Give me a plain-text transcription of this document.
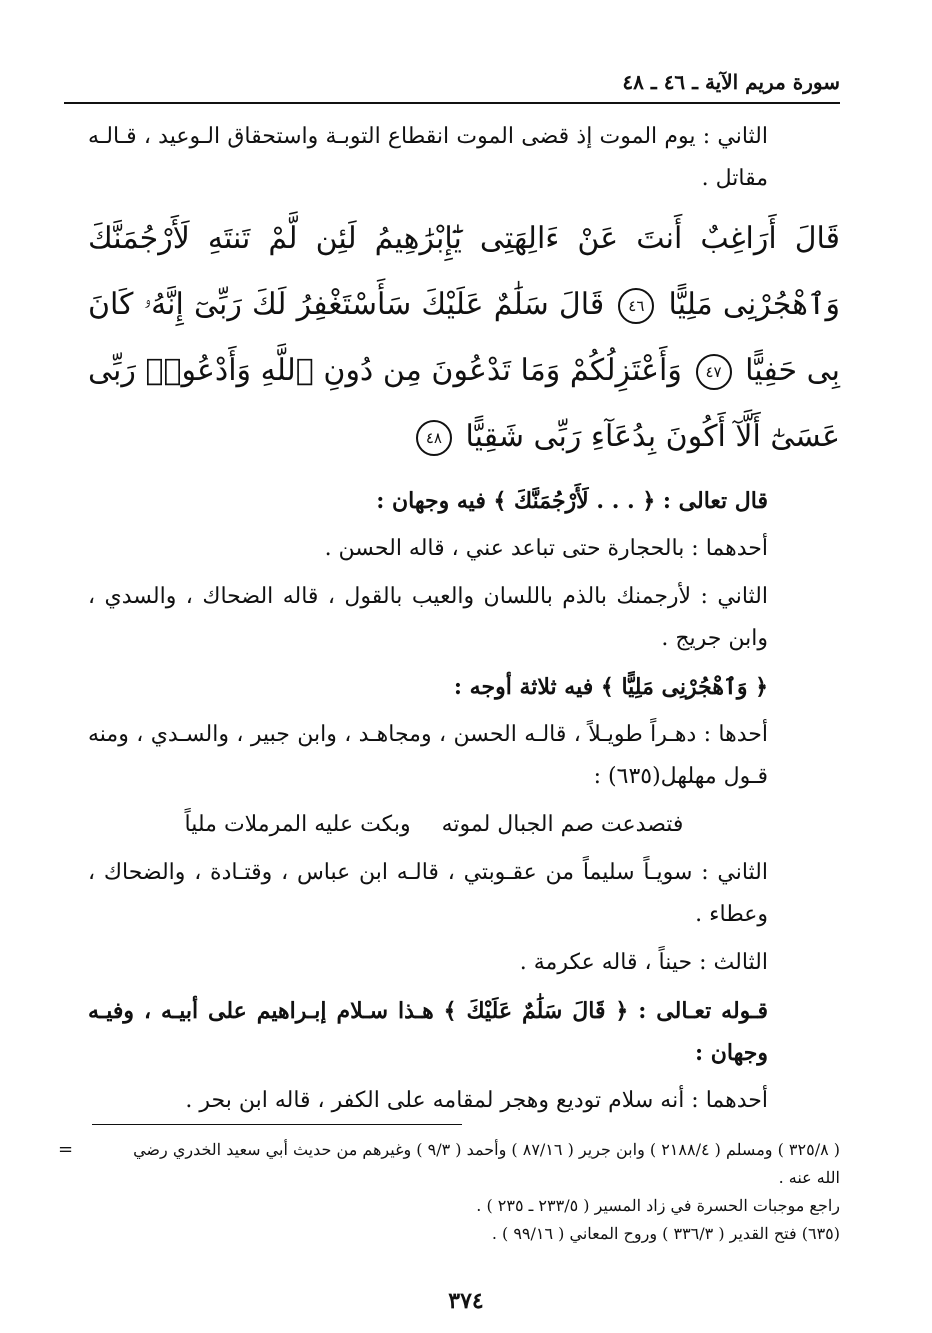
سورة مريم الآية ـ ٤٦ ـ ٤٨

الثاني : يوم الموت إذ قضى الموت انقطاع التوبـة واستحقاق الـوعيد ، قـالـه مقاتل .

قَالَ أَرَاغِبٌ أَنتَ عَنْ ءَالِهَتِى يَٰٓإِبْرَٰهِيمُ لَئِن لَّمْ تَنتَهِ لَأَرْجُمَنَّكَ وَٱهْجُرْنِى مَلِيًّا ٤٦ قَالَ سَلَٰمٌ عَلَيْكَ سَأَسْتَغْفِرُ لَكَ رَبِّىٓ إِنَّهُۥ كَانَ بِى حَفِيًّا ٤٧ وَأَعْتَزِلُكُمْ وَمَا تَدْعُونَ مِن دُونِ ٱللَّهِ وَأَدْعُوا۟ رَبِّى عَسَىٰٓ أَلَّآ أَكُونَ بِدُعَآءِ رَبِّى شَقِيًّا ٤٨

قال تعالى : ﴿ . . . لَأَرْجُمَنَّكَ ﴾ فيه وجهان :

أحدهما : بالحجارة حتى تباعد عني ، قاله الحسن .

الثاني : لأرجمنك بالذم باللسان والعيب بالقول ، قاله الضحاك ، والسدي ، وابن جريج .

﴿ وَٱهْجُرْنِى مَلِيًّا ﴾ فيه ثلاثة أوجه :

أحدها : دهـراً طويـلاً ، قالـه الحسن ، ومجاهـد ، وابن جبير ، والسـدي ، ومنه قـول مهلهل(٦٣٥) :

فتصدعت صم الجبال لموته وبكت عليه المرملات ملياً

الثاني : سويـاً سليماً من عقـوبتي ، قالـه ابن عباس ، وقتـادة ، والضحاك ، وعطاء .

الثالث : حيناً ، قاله عكرمة .

قـوله تعـالى : ﴿ قَالَ سَلَٰمٌ عَلَيْكَ ﴾ هـذا سـلام إبـراهيم على أبيـه ، وفيـه وجهان :

أحدهما : أنه سلام توديع وهجر لمقامه على الكفر ، قاله ابن بحر .

=	( ٣٢٥/٨ ) ومسلم ( ٢١٨٨/٤ ) وابن جرير ( ٨٧/١٦ ) وأحمد ( ٩/٣ ) وغيرهم من حديث أبي سعيد الخدري رضي الله عنه .

راجع موجبات الحسرة في زاد المسير ( ٢٣٣/٥ ـ ٢٣٥ ) .

(٦٣٥) فتح القدير ( ٣٣٦/٣ ) وروح المعاني ( ٩٩/١٦ ) .

٣٧٤
